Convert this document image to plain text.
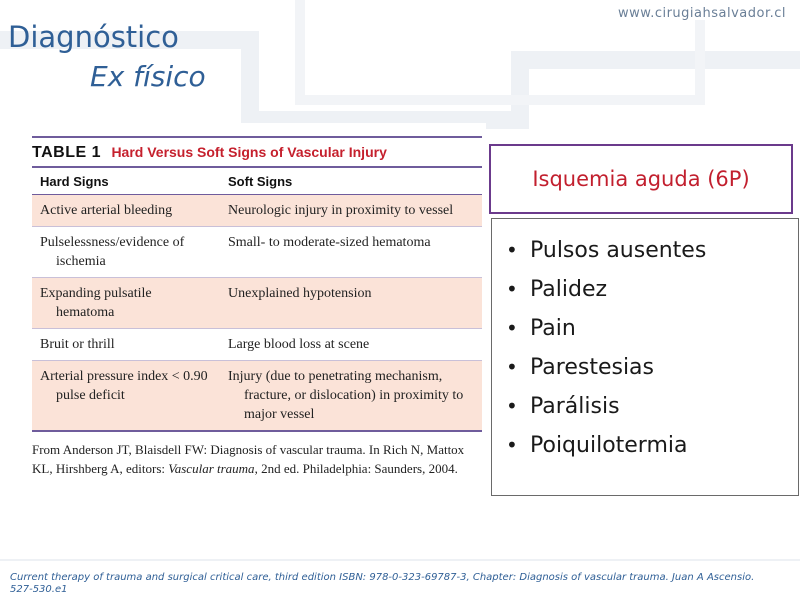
www.cirugiahsalvador.cl
Diagnóstico
Ex físico
TABLE 1 Hard Versus Soft Signs of Vascular Injury
Hard Signs	Soft Signs

Active arterial bleeding	Neurologic injury in proximity to vessel

Pulselessness/evidence of ischemia	Small- to moderate-sized hematoma

Expanding pulsatile hematoma	Unexplained hypotension

Bruit or thrill	Large blood loss at scene

Arterial pressure index < 0.90 pulse deficit	Injury (due to penetrating mechanism, fracture, or dislocation) in proximity to major vessel
From Anderson JT, Blaisdell FW: Diagnosis of vascular trauma. In Rich N, Mattox KL, Hirshberg A, editors: Vascular trauma, 2nd ed. Philadelphia: Saunders, 2004.
Isquemia aguda (6P)
• Pulsos ausentes
• Palidez
• Pain
• Parestesias
• Parálisis
• Poiquilotermia
Current therapy of trauma and surgical critical care, third edition ISBN: 978-0-323-69787-3, Chapter: Diagnosis of vascular trauma. Juan A Ascensio. 527-530.e1
